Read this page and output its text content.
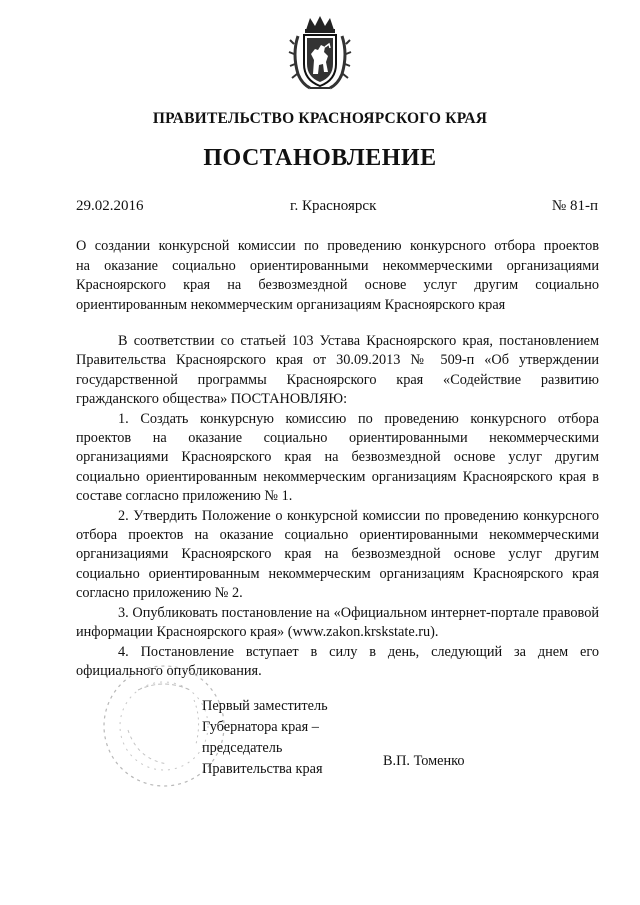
ПРАВИТЕЛЬСТВО КРАСНОЯРСКОГО КРАЯ
ПОСТАНОВЛЕНИЕ
29.02.2016	г. Красноярск	№ 81-п
О создании конкурсной комиссии по проведению конкурсного отбора проектов
на оказание социально ориентированными некоммерческими организациями
Красноярского края на безвозмездной основе услуг другим социально
ориентированным некоммерческим организациям Красноярского края

В соответствии со статьей 103 Устава Красноярского края, постановлением Правительства Красноярского края от 30.09.2013 № 509-п «Об утверждении государственной программы Красноярского края «Содействие развитию гражданского общества» ПОСТАНОВЛЯЮ:

1. Создать конкурсную комиссию по проведению конкурсного отбора проектов на оказание социально ориентированными некоммерческими организациями Красноярского края на безвозмездной основе услуг другим социально ориентированным некоммерческим организациям Красноярского края в составе согласно приложению № 1.

2. Утвердить Положение о конкурсной комиссии по проведению конкурсного отбора проектов на оказание социально ориентированными некоммерческими организациями Красноярского края на безвозмездной основе услуг другим социально ориентированным некоммерческим организациям Красноярского края согласно приложению № 2.

3. Опубликовать постановление на «Официальном интернет-портале правовой информации Красноярского края» (www.zakon.krskstate.ru).

4. Постановление вступает в силу в день, следующий за днем его официального опубликования.

Первый заместитель
Губернатора края –
председатель
Правительства края	В.П. Томенко
